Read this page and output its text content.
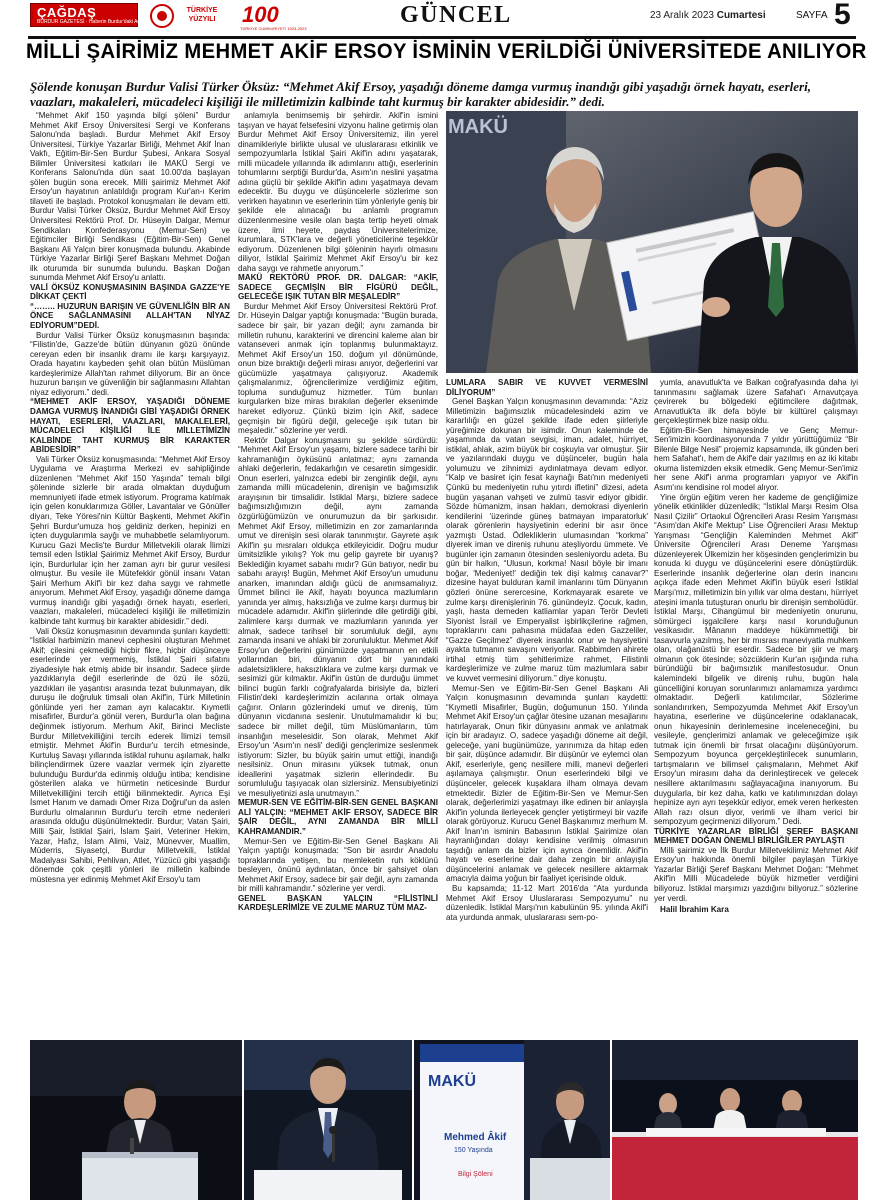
ÇAĞDAŞ
BURDUR GAZETESİ · Haberin Burdur'daki Adresi
TÜRKİYE YÜZYILI	100
TÜRKİYE CUMHURİYETİ 1923-2023
GÜNCEL	23 Aralık 2023 Cumartesi	SAYFA 5
MİLLİ ŞAİRİMİZ MEHMET AKİF ERSOY İSMİNİN VERİLDİĞİ ÜNİVERSİTEDE ANILIYOR
Şölende konuşan Burdur Valisi Türker Öksüz: “Mehmet Akif Ersoy, yaşadığı döneme damga vurmuş inandığı gibi yaşadığı örnek hayatı, eserleri, vaazları, makaleleri, mücadeleci kişiliği ile milletimizin kalbinde taht kurmuş bir karakter abidesidir.” dedi.

“Mehmet Akif 150 yaşında bilgi şöleni” Burdur Mehmet Akif Ersoy Üniversitesi Sergi ve Konferans Salonu'nda başladı. Burdur Mehmet Akif Ersoy Üniversitesi, Türkiye Yazarlar Birliği, Mehmet Akif İnan Vakfı, Eğitim-Bir-Sen Burdur Şubesi, Ankara Sosyal Bilimler Üniversitesi katkıları ile MAKÜ Sergi ve Konferans Salonu'nda dün saat 10.00'da başlayan şölen bugün sona erecek. Milli şairimiz Mehmet Akif Ersoy'un hayatının anlatıldığı program Kur'an-ı Kerim tilaveti ile başladı. Protokol konuşmaları ile devam etti. Burdur Valisi Türker Öksüz, Burdur Mehmet Akif Ersoy Üniversitesi Rektörü Prof. Dr. Hüseyin Dalgar, Memur Sendikaları Konfederasyonu (Memur-Sen) ve Eğitimciler Birliği Sendikası (Eğitim-Bir-Sen) Genel Başkanı Ali Yalçın birer konuşmada bulundu. Akabinde Türkiye Yazarlar Birliği Şeref Başkanı Mehmet Doğan ilk oturumda bir sunumda bulundu. Başkan Doğan sunumda Mehmet Akif Ersoy'u anlattı.

VALİ ÖKSÜZ KONUŞMASININ BAŞINDA GAZZE'YE DİKKAT ÇEKTİ

“…….. HUZURUN BARIŞIN VE GÜVENLİĞİN BİR AN ÖNCE SAĞLANMASINI ALLAH'TAN NİYAZ EDİYORUM”DEDİ.

Burdur Valisi Türker Öksüz konuşmasının başında: “Filistin'de, Gazze'de bütün dünyanın gözü önünde cereyan eden bir insanlık dramı ile karşı karşıyayız. Orada hayatını kaybeden şehit olan bütün Müslüman kardeşlerimize Allah'tan rahmet diliyorum. Bir an önce huzurun barışın ve güvenliğin bir sağlanmasını Allahtan niyaz ediyorum.” dedi.

“MEHMET AKİF ERSOY, YAŞADIĞI DÖNEME DAMGA VURMUŞ İNANDIĞI GİBİ YAŞADIĞI ÖRNEK HAYATI, ESERLERİ, VAAZLARI, MAKALELERİ, MÜCADELECİ KİŞİLİĞİ İLE MİLLETİMİZİN KALBİNDE TAHT KURMUŞ BİR KARAKTER ABİDESİDİR”

Vali Türker Öksüz konuşmasında: “Mehmet Akif Ersoy Uygulama ve Araştırma Merkezi ev sahipliğinde düzenlenen “Mehmet Akif 150 Yaşında” temalı bilgi şöleninde sizlerle bir arada olmaktan duyduğum memnuniyeti ifade etmek istiyorum. Programa katılmak için gelen konuklarımıza Göller, Lavantalar ve Gönüller diyarı, Teke Yöresi'nin Kültür Başkenti, Mehmet Akif'in Şehri Burdur'umuza hoş geldiniz derken, hepinizi en içten duygularımla sayğı ve muhabbetle selamlıyorum. Kurucu Gazi Meclis'te Burdur Milletvekili olarak İlimizi temsil eden İstiklal Şairimiz Mehmet Akif Ersoy, Burdur için, Burdurlular için her zaman ayrı bir gurur vesilesi olmuştur. Bu vesile ile Mütefekkir gönül insanı Vatan Şairi Merhum Akif'i bir kez daha saygı ve rahmetle anıyorum. Mehmet Akif Ersoy, yaşadığı döneme damga vurmuş inandığı gibi yaşadığı örnek hayatı, eserleri, vaazları, makaleleri, mücadeleci kişiliği ile milletimizin kalbinde taht kurmuş bir karakter abidesidir.” dedi.

Vali Öksüz konuşmasının devamında şunları kaydetti: “İstiklal harbimizin manevi cephesini oluşturan Mehmet Akif; çilesini çekmediği hiçbir fikre, hiçbir düşünceye eserlerinde yer vermemiş, İstiklal Şairi sıfatını ziyadesiyle hak etmiş abide bir insandır. Sadece şiirde yazdıklarıyla değil eserlerinde de özü ile sözü, yazdıkları ile yaşantısı arasında tezat bulunmayan, dik duruşu ile doğruluk timsali olan Akif'in, Türk Milletinin gönlünde yeri her zaman ayrı kalacaktır. Kıymetli misafirler, Burdur'a gönül veren, Burdur'la olan bağına değinmek istiyorum. Merhum Akif, Birinci Mecliste Burdur Milletvekilliğini tercih ederek İlimizi temsil etmiştir. Mehmet Akif'in Burdur'u tercih etmesinde, Kurtuluş Savaşı yıllarında istiklal ruhunu aşılamak, halkı bilinçlendirmek üzere vaazlar vermek için ziyarette bulunduğu Burdur'da edinmiş olduğu intiba; kendisine gösterilen alaka ve hürmetin neticesinde Burdur Milletvekilliğini tercih ettiği bilinmektedir. Ayrıca Eşi İsmet Hanım ve damadı Ömer Rıza Doğrul'un da aslen Burdurlu olmalarının Burdur'u tercih etme nedenleri arasında olduğu düşünülmektedir. Burdur; Vatan Şairi, Milli Şair, İstiklal Şairi, İslam Şairi, Veteriner Hekim, Yazar, Hafız, İslam Alimi, Vaiz, Münevver, Muallim, Müderris, Siyasetçi, Burdur Milletvekili, İstiklal Madalyası Sahibi, Pehlivan, Atlet, Yüzücü gibi yaşadığı dönemde çok çeşitli yönleri ile milletin kalbinde müstesna yer edinmiş Mehmet Akif Ersoy'u tam

anlamıyla benimsemiş bir şehirdir. Akif'in ismini taşıyan ve hayat felsefesini vizyonu haline getirmiş olan Burdur Mehmet Akif Ersoy Üniversitemiz, ilin yerel dinamikleriyle birlikte ulusal ve uluslararası etkinlik ve sempozyumlarla İstiklal Şairi Akif'in adını yaşatarak, milli mücadele yıllarında ilk adımlarını attığı, eserlerinin tohumlarını serptiği Burdur'da, Asım'ın neslini yaşatma adına güçlü bir şekilde Akif'in adını yaşatmaya devam edecektir. Bu duygu ve düşüncelerle sözlerime son verirken hayatının ve eserlerinin tüm yönleriyle geniş bir şekilde ele alınacağı bu anlamlı programın düzenlenmesine vesile olan başta tertip heyeti olmak üzere, ilmi heyete, paydaş Üniversitelerimize, kurumlara, STK'lara ve değerli yöneticilerine teşekkür ediyorum. Düzenlenen bilgi şöleninin hayırlı olmasını diliyor, İstiklal Şairimiz Mehmet Akif Ersoy'u bir kez daha saygı ve rahmetle anıyorum.”

MAKÜ REKTÖRÜ PROF. DR. DALGAR: “AKİF, SADECE GEÇMİŞİN BİR FİGÜRÜ DEĞİL, GELECEĞE IŞIK TUTAN BİR MEŞALEDİR”

Burdur Mehmet Akif Ersoy Üniversitesi Rektörü Prof. Dr. Hüseyin Dalgar yaptığı konuşmada: “Bugün burada, sadece bir şair, bir yazarı değil; aynı zamanda bir milletin ruhunu, karakterini ve direncini kaleme alan bir vatanseveri anmak için toplanmış bulunmaktayız. Mehmet Akif Ersoy'un 150. doğum yıl dönümünde, onun bize bıraktığı değerli mirası anıyor, değerlerini var gücümüzle yaşatmaya çalışıyoruz. Akademik çalışmalarımız, öğrencilerimize verdiğimiz eğitim, topluma sunduğumuz hizmetler. Tüm bunları kurgularken bize miras bırakılan değerler eksenimde hareket ediyoruz. Çünkü bizim için Akif, sadece geçmişin bir figürü değil, geleceğe ışık tutan bir meşaledir.” sözlerine yer verdi.

Rektör Dalgar konuşmasını şu şekilde sürdürdü: “Mehmet Akif Ersoy'un yaşamı, bizlere sadece tarihi bir kahramanlığın öyküsünü anlatmaz; aynı zamanda ahlaki değerlerin, fedakarlığın ve cesaretin simgesidir. Onun eserleri, yalnızca edebi bir zenginlik değil, aynı zamanda milli mücadelenin, direnişin ve bağımsızlık arayışının bir timsalidir. İstiklal Marşı, bizlere sadece bağımsızlığımızın değil, aynı zamanda özgürlüğümüzün ve onurumuzun da bir şarkısıdır. Mehmet Akif Ersoy, milletimizin en zor zamanlarında umut ve direnişin sesi olarak tanınmıştır. Gayrete aşık Akif'in şu mısraları oldukça etkileyicidir. Doğru mudur ümitsizlikle yıkılış? Yok mu gelip gayrete bir uyanış? Beklediğin kıyamet sabahı mıdır? Gün batıyor, nedir bu sabahı arayış! Bugün, Mehmet Akif Ersoy'un umudunu anarken, imanından aldığı gücü de anımsamalıyız. Ümmet bilinci ile Akif, hayatı boyunca mazlumların yanında yer almış, haksızlığa ve zulme karşı durmuş bir mücadele adamıdır. Akif'in şiirlerinde dile getirdiği gibi, zalimlere karşı durmak ve mazlumların yanında yer almak, sadece tarihsel bir sorumluluk değil, aynı zamanda insani ve ahlaki bir zorunluluktur. Mehmet Akif Ersoy'un değerlerini günümüzde yaşatmanın en etkili yollarından biri, dünyanın dört bir yanındaki adaletsizliklere, haksızlıklara ve zulme karşı durmak ve sesimizi gür kılmaktır. Akif'in üstün de durduğu ümmet bilinci bugün farklı coğrafyalarda birisiyle da, bizleri Filistin'deki kardeşlerimizin acılarına ortak olmaya çağırır. Onların gözlerindeki umut ve direniş, tüm dünyanın vicdanına seslenir. Unutulmamalıdır ki bu; sadece bir millet değil, tüm Müslümanların, tüm insanlığın meselesidir. Son olarak, Mehmet Akif Ersoy'un 'Asım'ın nesli' dediği gençlerimize seslenmek istiyorum: Sizler, bu büyük şairin umut ettiği, inandığı nesilsiniz. Onun mirasını yüksek tutmak, onun ideallerini yaşatmak sizlerin ellerindedir. Bu sorumluluğu taşıyacak olan sizlersiniz. Mensubiyetinizi ve mesuliyetinizi asla unutmayın.”

MEMUR-SEN VE EĞİTİM-BİR-SEN GENEL BAŞKANI ALİ YALÇIN: “MEHMET AKİF ERSOY, SADECE BİR ŞAİR DEĞİL, AYNI ZAMANDA BİR MİLLİ KAHRAMANDIR.”

Memur-Sen ve Eğitim-Bir-Sen Genel Başkanı Ali Yalçın yaptığı konuşmada: “Son bir asırdır Anadolu topraklarında yetişen, bu memleketin ruh köklünü besleyen, önünü aydınlatan, önce bir şahsiyet olan Mehmet Akif Ersoy, sadece bir şair değil, aynı zamanda bir milli kahramandır.” sözlerine yer verdi.

GENEL BAŞKAN YALÇIN “FİLİSTİNLİ KARDEŞLERİMİZE VE ZULME MARUZ TÜM MAZ-

LUMLARA SABIR VE KUVVET VERMESİNİ DİLİYORUM”

Genel Başkan Yalçın konuşmasının devamında: “Aziz Milletimizin bağımsızlık mücadelesindeki azim ve kararlılığı en güzel şekilde ifade eden şiirleriyle yüreğimize dokunan bir isimdir. Onun kaleminde de yaşamında da vatan sevgisi, iman, adalet, hürriyet, istiklal, ahlak, azim büyük bir coşkuyla var olmuştur. Şiir ve yazılarındaki duygu ve düşünceler, bugün hala yolumuzu ve zihnimizi aydınlatmaya devam ediyor. “Kalp ve basiret için fesat kaynağı Batı'nın medeniyeti Çünkü bu medeniyetin ruhu yıtırdı ifletini” dizesi, adeta bugün yaşanan vahşeti ve zulmü tasvir ediyor gibidir. Sözde hümanizm, insan hakları, demokrasi diyenlerin kendilerini 'üzerinde güneş batmayan imparatorluk' olarak görenlerin haysiyetinin ederini bir asır önce yazmıştı Üstad. Ödlekliklerin ulumasından “korkma” diyerek iman ve direniş ruhunu ateşliyordu ümmete. Ve bugünler için zamanın ötesinden sesleniyordu adeta. Bu gün bir halkın, “Ulusun, korkma! Nasıl böyle bir imanı boğar, 'Medeniyet!' dediğin tek dişi kalmış canavar?” dizesine hayat bulduran kamil imanlarını tüm Dünyanın gözleri önüne serercesine, Korkmayarak esarete ve zulme karşı direnişlerinin 76. günündeyiz. Çocuk, kadın, yaşlı, hasta demeden katliamlar yapan Terör Devleti Siyonist İsrail ve Emperyalist işbirlikçilerine rağmen, topraklarını canı pahasına müdafaa eden Gazzeliler, “Gazze Geçilmez” diyerek insanlık onur ve haysiyetini ayakta tutmanın savaşını veriyorlar. Rabbimden ahirete irtihal etmiş tüm şehitlerimize rahmet, Filistinli kardeşlerimize ve zulme maruz tüm mazlumlara sabır ve kuvvet vermesini diliyorum.” diye konuştu.

Memur-Sen ve Eğitim-Bir-Sen Genel Başkanı Ali Yalçın konuşmasının devamında şunları kaydetti: “Kıymetli Misafirler, Bugün, doğumunun 150. Yılında Mehmet Akif Ersoy'un çağlar ötesine uzanan mesajlarını hatırlayarak, Onun fikir dünyasını anmak ve anlatmak için bir aradayız. O, sadece yaşadığı döneme ait değil, geleceğe, yani bugünümüze, yarınımıza da hitap eden bir şair, düşünce adamıdır. Bir düşünür ve eylemci olan Akif, eserleriyle, genç nesillere milli, manevi değerleri aşılamaya çalışmıştır. Onun eserlerindeki bilgi ve düşünceler, gelecek kuşaklara ilham olmaya devam etmektedir. Bizler de Eğitim-Bir-Sen ve Memur-Sen olarak, değerlerimizi yaşatmayı ilke edinen bir anlayışla Akif'in yolunda ilerleyecek gençler yetiştirmeyi bir vazife olarak görüyoruz. Kurucu Genel Başkanımız merhum M. Akif İnan'ın isminin Babasının İstiklal Şairimize olan hayranlığından dolayı kendisine verilmiş olmasının taşıdığı anlam da bizler için ayrıca önemlidir. Akif'in hayatı ve eserlerine dair daha zengin bir anlayışla düşüncelerini anlamak ve gelecek nesillere aktarmak amacıyla daima yoğun bir faaliyet içerisinde olduk.

Bu kapsamda; 11-12 Mart 2016'da “Ata yurdunda Mehmet Akif Ersoy Uluslararası Sempozyumu” nu düzenledik. İstiklal Marşı'nın kabulünün 95. yılında Akif'i ata yurdunda anmak, uluslararası sem-po-

yumla, anavutluk'ta ve Balkan coğrafyasında daha iyi tanınmasını sağlamak üzere Safahat'ı Arnavutçaya çevirerek bu bölgedeki eğitimcilere dağıtmak, Arnavutluk'ta ilk defa böyle bir kültürel çalışmayı gerçekleştirmek bize nasip oldu.

Eğitim-Bir-Sen himayesinde ve Genç Memur-Sen'imizin koordinasyonunda 7 yıldır yürüttüğümüz “Bir Bilenle Bilge Nesil” projemiz kapsamında, ilk günden beri hem Safahat'ı, hem de Akif'e dair yazılmış en az iki kitabı okuma listemizden eksik etmedik. Genç Memur-Sen'imiz her sene Akif'i anma programları yapıyor ve Akif'in Asım'ını kendisine rol model alıyor.

Yine örgün eğitim veren her kademe de gençliğimize yönelik etkinlikler düzenledik; “İstiklal Marşı Resim Olsa Nasıl Çizilir” Ortaokul Öğrencileri Arası Resim Yarışması “Asım'dan Akif'e Mektup” Lise Öğrencileri Arası Mektup Yarışması “Gençliğin Kaleminden Mehmet Akif” Üniversite Öğrencileri Arası Deneme Yarışması düzenleyerek Ülkemizin her köşesinden gençlerimizin bu konuda ki duygu ve düşüncelerini esere dönüştürdük. Eserlerinde insanlık değerlerine olan derin inancını açıkça ifade eden Mehmet Akif'in büyük eseri İstiklal Marşı'mız, milletimizin bin yıllık var olma destanı, hürriyet ateşini imanla tutuşturan onurlu bir direnişin sembolüdür. İstiklal Marşı, Cihangümul bir medeniyetin onurunu, sömürgeci işgalcilere karşı nasıl korunduğunun vesikasıdır. Mânanın maddeye hükümmettiği bir tasavvurla yazılmış, her bir mısrası maneviyatla muhkem olan, olağanüstü bir eserdir. Sadece bir şiir ve marş olmanın çok ötesinde; sözcüklerin Kur'an ışığında ruha büründüğü bir bağımsızlık manifestosudur. Onun kalemindeki bilgelik ve direniş ruhu, bugün hala güncelliğini koruyan sorunlarımızı anlamamıza yardımcı olmaktadır. Değerli katılımcılar, Sözlerime sonlandırırken, Sempozyumda Mehmet Akif Ersoy'un hayatına, eserlerine ve düşüncelerine odaklanacak, onun hikayesinin derinlemesine inceleneceğini, bu vesileyle, gençlerimizi anlamak ve geleceğimize ışık tutmak için önemli bir fırsat olacağını düşünüyorum. Sempozyum boyunca gerçekleştirilecek sunumların, tartışmaların ve bilimsel çalışmaların, Mehmet Akif Ersoy'un mirasını daha da derinleştirecek ve gelecek nesillere aktarılmasını sağlayacağına inanıyorum. Bu duygularla, bir kez daha, katkı ve katılımınızdan dolayı hepinize ayrı ayrı teşekkür ediyor, emek veren herkesten Allah razı olsun diyor, verimli ve ilham verici bir sempozyum geçirmenizi diliyorum.” Dedi.

TÜRKİYE YAZARLAR BİRLİĞİ ŞEREF BAŞKANI MEHMET DOĞAN ÖNEMLİ BİRLİĞİLER PAYLAŞTI

Milli şairimiz ve İlk Burdur Milletvekilimiz Mehmet Akif Ersoy'un hakkında önemli bilgiler paylaşan Türkiye Yazarlar Birliği Şeref Başkanı Mehmet Doğan: “Mehmet Akif'in Milli Mücadelede büyük hizmetler verdiğini biliyoruz. İstiklal marşımızı yazdığını biliyoruz.” sözlerine yer verdi.

Halil İbrahim Kara

MAKÜ
MAKÜ
Mehmed Âkif
150 Yaşında
Bilgi Şöleni
